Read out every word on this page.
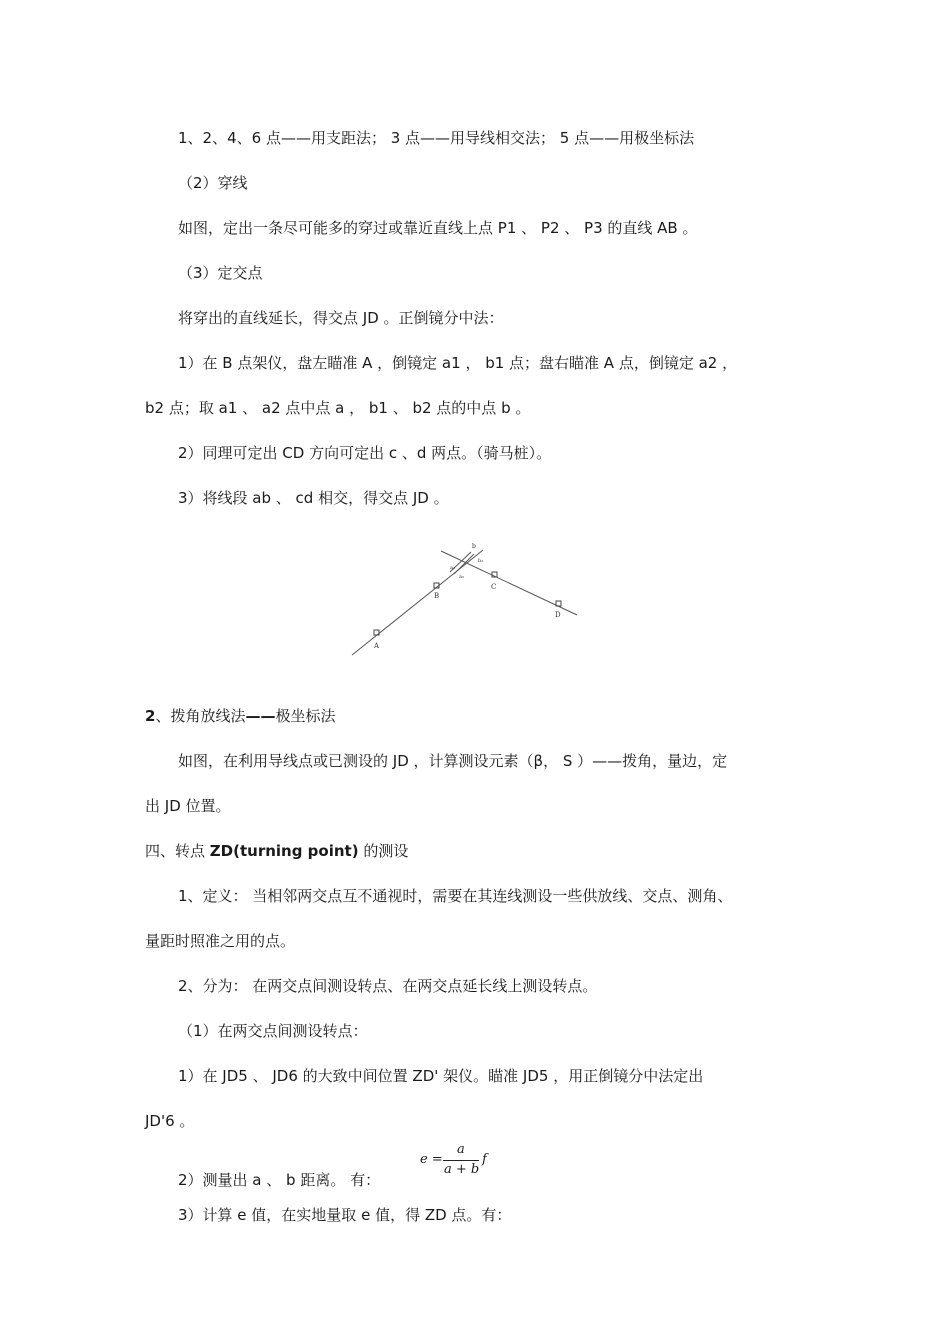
1、2、4、6 点——用支距法； 3 点——用导线相交法； 5 点——用极坐标法
（2）穿线
如图，定出一条尽可能多的穿过或靠近直线上点 P1 、 P2 、 P3 的直线 AB 。
（3）定交点
将穿出的直线延长，得交点 JD 。正倒镜分中法：
1）在 B 点架仪，盘左瞄准 A ，倒镜定 a1 ， b1 点；盘右瞄准 A 点，倒镜定 a2 ，
b2 点；取 a1 、 a2 点中点 a ， b1 、 b2 点的中点 b 。
2）同理可定出 CD 方向可定出 c 、d 两点。（骑马桩）。
3）将线段 ab 、 cd 相交，得交点 JD 。
A
B
C
D
b
a₁
a₂
b₂
2、拨角放线法——极坐标法
如图，在利用导线点或已测设的 JD ，计算测设元素（β， S ）——拨角，量边，定
出 JD 位置。
四、转点 ZD(turning point) 的测设
1、定义： 当相邻两交点互不通视时，需要在其连线测设一些供放线、交点、测角、
量距时照准之用的点。
2、分为： 在两交点间测设转点、在两交点延长线上测设转点。
（1）在两交点间测设转点：
1）在 JD5 、 JD6 的大致中间位置 ZD' 架仪。瞄准 JD5 ，用正倒镜分中法定出
JD'6 。
2）测量出 a 、 b 距离。 有：
e =
a
a + b
f
3）计算 e 值，在实地量取 e 值，得 ZD 点。有：
